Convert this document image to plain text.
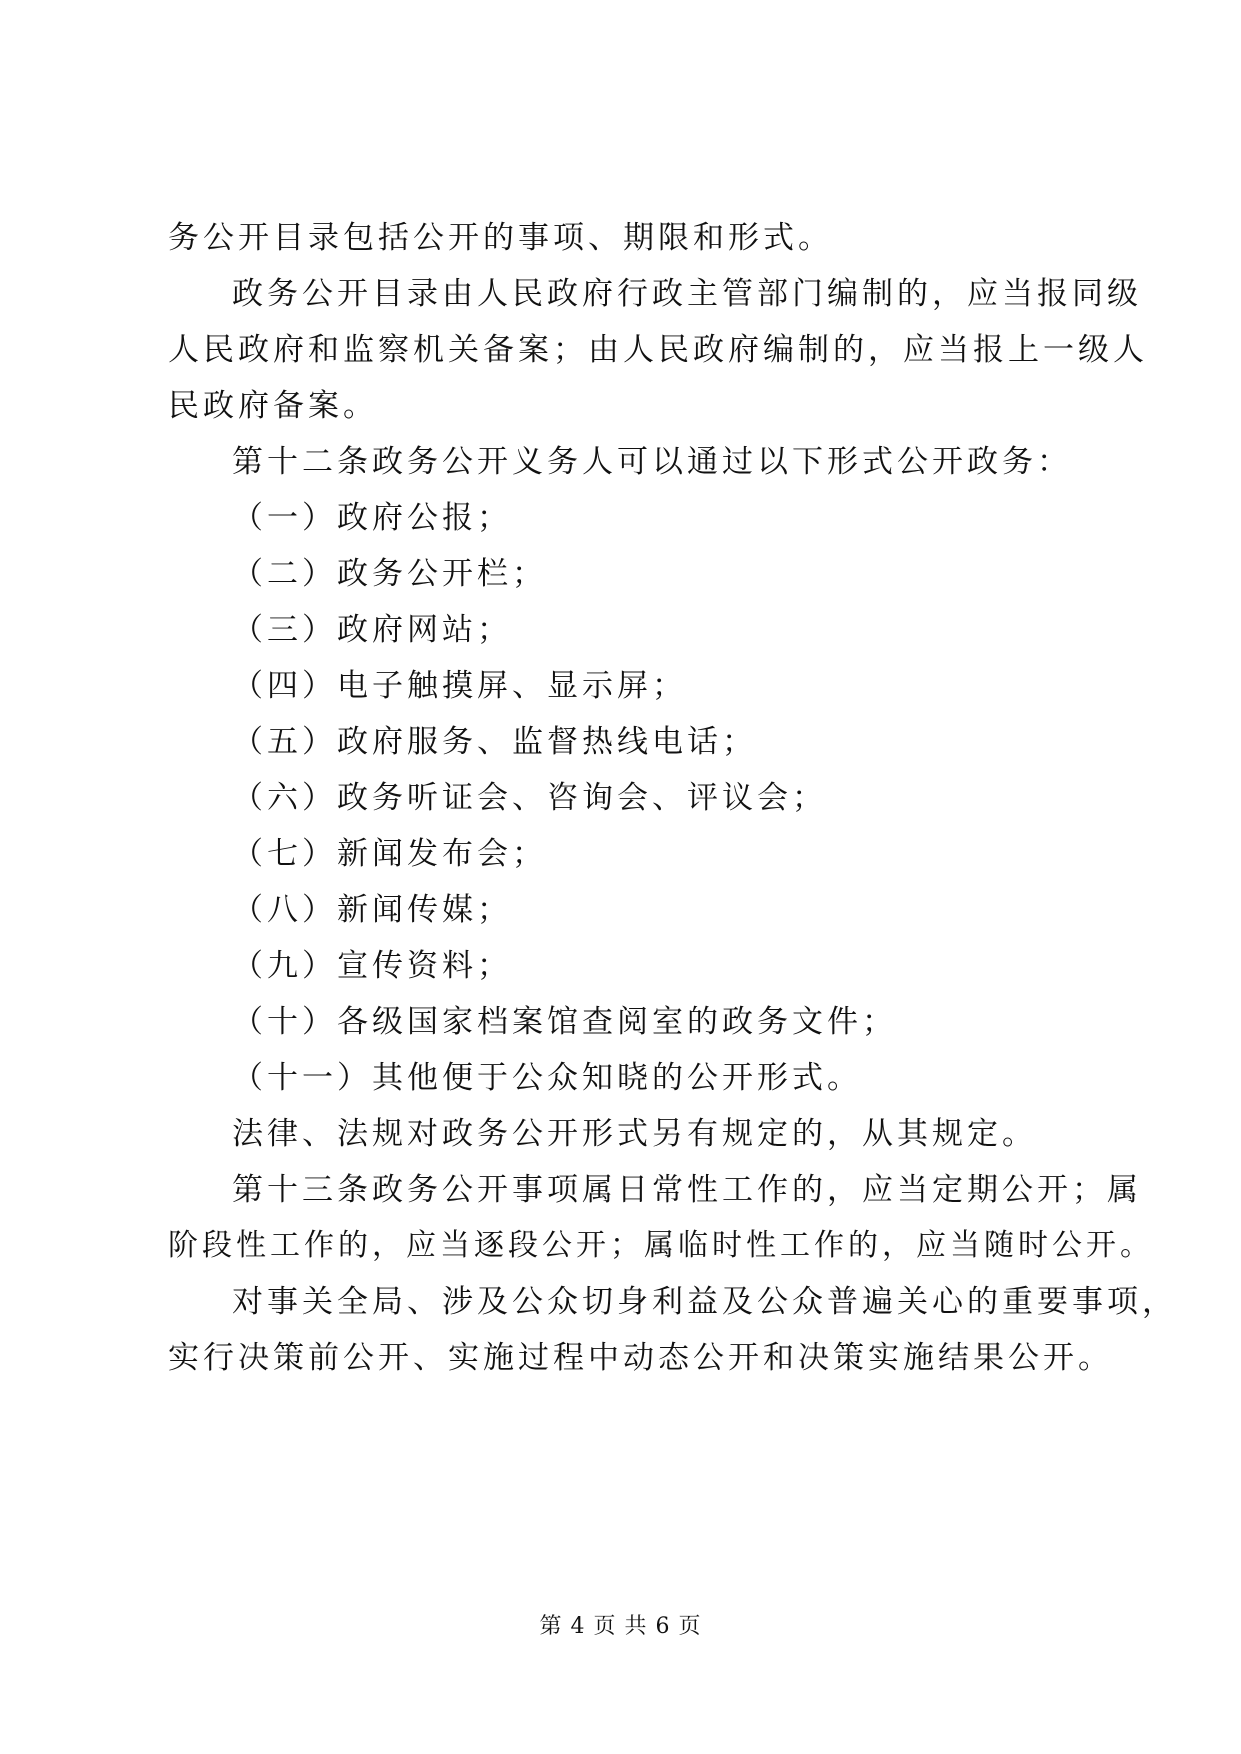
务公开目录包括公开的事项、期限和形式。
政务公开目录由人民政府行政主管部门编制的，应当报同级
人民政府和监察机关备案；由人民政府编制的，应当报上一级人
民政府备案。
第十二条政务公开义务人可以通过以下形式公开政务：
（一）政府公报；
（二）政务公开栏；
（三）政府网站；
（四）电子触摸屏、显示屏；
（五）政府服务、监督热线电话；
（六）政务听证会、咨询会、评议会；
（七）新闻发布会；
（八）新闻传媒；
（九）宣传资料；
（十）各级国家档案馆查阅室的政务文件；
（十一）其他便于公众知晓的公开形式。
法律、法规对政务公开形式另有规定的，从其规定。
第十三条政务公开事项属日常性工作的，应当定期公开；属
阶段性工作的，应当逐段公开；属临时性工作的，应当随时公开。
对事关全局、涉及公众切身利益及公众普遍关心的重要事项，
实行决策前公开、实施过程中动态公开和决策实施结果公开。
第 4 页 共 6 页
